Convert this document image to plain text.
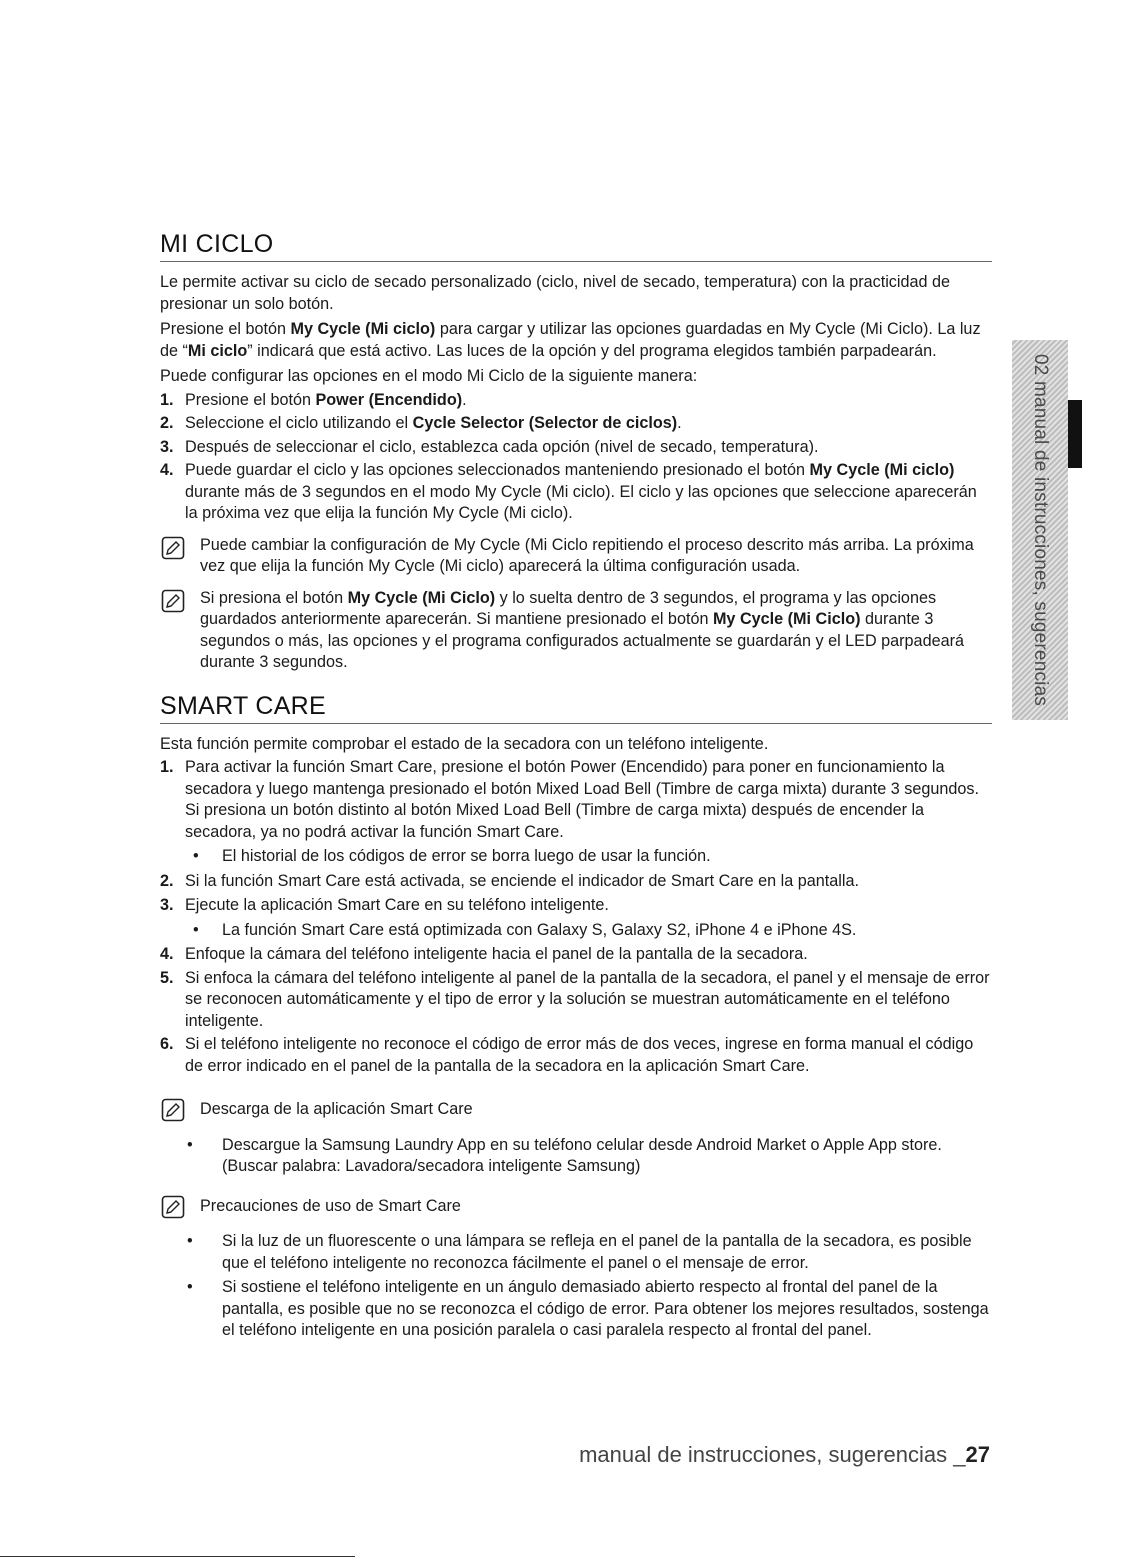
02 manual de instrucciones, sugerencias
MI CICLO

Le permite activar su ciclo de secado personalizado (ciclo, nivel de secado, temperatura) con la practicidad de presionar un solo botón.

Presione el botón My Cycle (Mi ciclo) para cargar y utilizar las opciones guardadas en My Cycle (Mi Ciclo). La luz de “Mi ciclo” indicará que está activo. Las luces de la opción y del programa elegidos también parpadearán.

Puede configurar las opciones en el modo Mi Ciclo de la siguiente manera:

1. Presione el botón Power (Encendido).
2. Seleccione el ciclo utilizando el Cycle Selector (Selector de ciclos).
3. Después de seleccionar el ciclo, establezca cada opción (nivel de secado, temperatura).
4. Puede guardar el ciclo y las opciones seleccionados manteniendo presionado el botón My Cycle (Mi ciclo) durante más de 3 segundos en el modo My Cycle (Mi ciclo). El ciclo y las opciones que seleccione aparecerán la próxima vez que elija la función My Cycle (Mi ciclo).
Puede cambiar la configuración de My Cycle (Mi Ciclo repitiendo el proceso descrito más arriba. La próxima vez que elija la función My Cycle (Mi ciclo) aparecerá la última configuración usada.
Si presiona el botón My Cycle (Mi Ciclo) y lo suelta dentro de 3 segundos, el programa y las opciones guardados anteriormente aparecerán. Si mantiene presionado el botón My Cycle (Mi Ciclo) durante 3 segundos o más, las opciones y el programa configurados actualmente se guardarán y el LED parpadeará durante 3 segundos.
SMART CARE

Esta función permite comprobar el estado de la secadora con un teléfono inteligente.

1. Para activar la función Smart Care, presione el botón Power (Encendido) para poner en funcionamiento la secadora y luego mantenga presionado el botón Mixed Load Bell (Timbre de carga mixta) durante 3 segundos. Si presiona un botón distinto al botón Mixed Load Bell (Timbre de carga mixta) después de encender la secadora, ya no podrá activar la función Smart Care.
• El historial de los códigos de error se borra luego de usar la función.
2. Si la función Smart Care está activada, se enciende el indicador de Smart Care en la pantalla.
3. Ejecute la aplicación Smart Care en su teléfono inteligente.
• La función Smart Care está optimizada con Galaxy S, Galaxy S2, iPhone 4 e iPhone 4S.
4. Enfoque la cámara del teléfono inteligente hacia el panel de la pantalla de la secadora.
5. Si enfoca la cámara del teléfono inteligente al panel de la pantalla de la secadora, el panel y el mensaje de error se reconocen automáticamente y el tipo de error y la solución se muestran automáticamente en el teléfono inteligente.
6. Si el teléfono inteligente no reconoce el código de error más de dos veces, ingrese en forma manual el código de error indicado en el panel de la pantalla de la secadora en la aplicación Smart Care.
Descarga de la aplicación Smart Care
• Descargue la Samsung Laundry App en su teléfono celular desde Android Market o Apple App store. (Buscar palabra: Lavadora/secadora inteligente Samsung)
Precauciones de uso de Smart Care
• Si la luz de un fluorescente o una lámpara se refleja en el panel de la pantalla de la secadora, es posible que el teléfono inteligente no reconozca fácilmente el panel o el mensaje de error.
• Si sostiene el teléfono inteligente en un ángulo demasiado abierto respecto al frontal del panel de la pantalla, es posible que no se reconozca el código de error. Para obtener los mejores resultados, sostenga el teléfono inteligente en una posición paralela o casi paralela respecto al frontal del panel.
manual de instrucciones, sugerencias _27
